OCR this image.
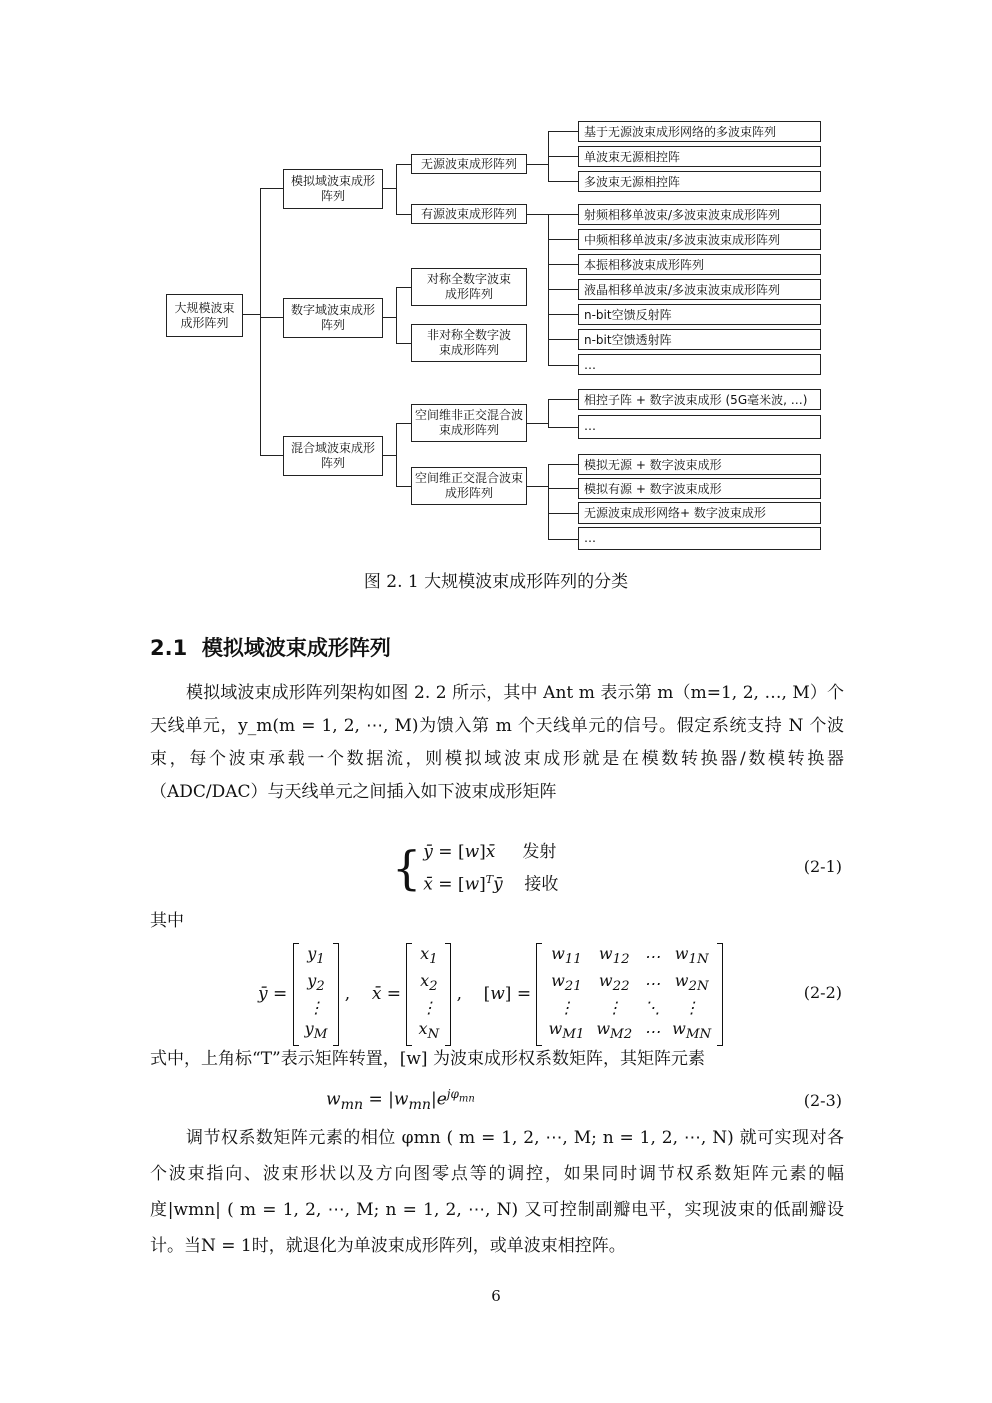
大规模波束成形阵列
模拟域波束成形阵列
数字域波束成形阵列
混合域波束成形阵列
无源波束成形阵列
有源波束成形阵列
对称全数字波束成形阵列
非对称全数字波束成形阵列
空间维非正交混合波束成形阵列
空间维正交混合波束成形阵列
基于无源波束成形网络的多波束阵列
单波束无源相控阵
多波束无源相控阵
射频相移单波束/多波束波束成形阵列
中频相移单波束/多波束波束成形阵列
本振相移波束成形阵列
液晶相移单波束/多波束波束成形阵列
n-bit空馈反射阵
n-bit空馈透射阵
…
相控子阵 + 数字波束成形 (5G毫米波, …)
…
模拟无源 + 数字波束成形
模拟有源 + 数字波束成形
无源波束成形网络+ 数字波束成形
…
图 2. 1 大规模波束成形阵列的分类
2.1 模拟域波束成形阵列
模拟域波束成形阵列架构如图 2. 2 所示，其中 Ant m 表示第 m（m=1, 2, …, M）个天线单元，y_m(m = 1, 2, ⋯, M)为馈入第 m 个天线单元的信号。假定系统支持 N 个波束，每个波束承载一个数据流，则模拟域波束成形就是在模数转换器/数模转换器（ADC/DAC）与天线单元之间插入如下波束成形矩阵
{ ȳ = [w]x̄ 发射
x̄ = $[w]^Tȳ$ 接收
(2-1)
其中
ȳ =
$y_1$
$y_2$
⋮
$y_M$
, x̄ =
$x_1$
$x_2$
⋮
$x_N$
,    [ w ] =
$w_{11}$	$w_{12}$	⋯	$w_{1N}$
$w_{21}$	$w_{22}$	⋯	$w_{2N}$
⋮	⋮	⋱	⋮
$w_{M1}$	$w_{M2}$	⋯	$w_{MN}$
(2-2)
式中，上角标“T”表示矩阵转置，[w] 为波束成形权系数矩阵，其矩阵元素
$w_{mn} = |w_{mn}|e^{j\varphi_{mn}}$	(2-3)
调节权系数矩阵元素的相位 φmn ( m = 1, 2, ⋯, M; n = 1, 2, ⋯, N) 就可实现对各个波束指向、波束形状以及方向图零点等的调控，如果同时调节权系数矩阵元素的幅度|wmn| ( m = 1, 2, ⋯, M; n = 1, 2, ⋯, N) 又可控制副瓣电平，实现波束的低副瓣设计。当N = 1时，就退化为单波束成形阵列，或单波束相控阵。
6
